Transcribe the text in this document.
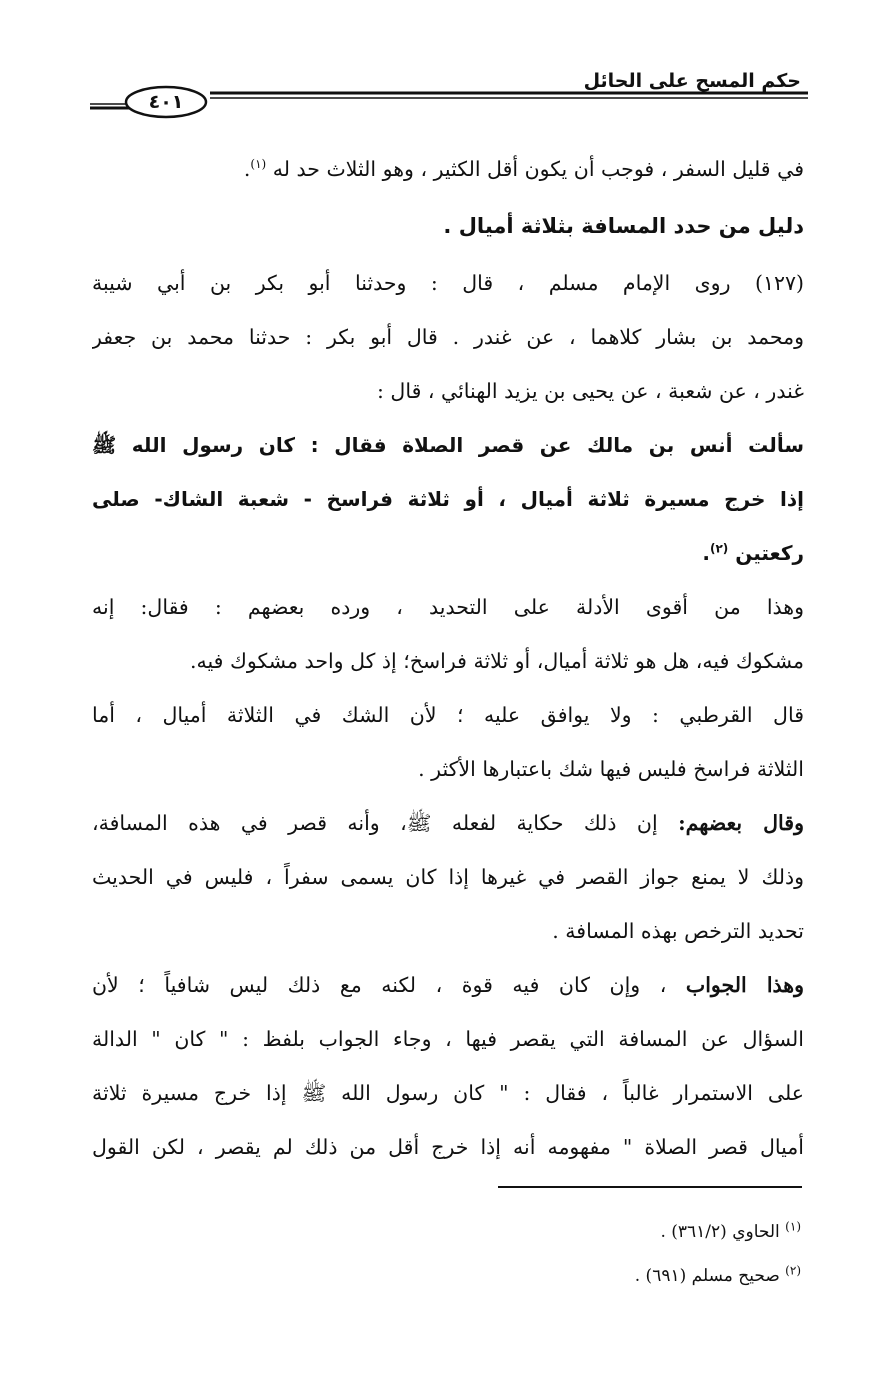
حكم المسح على الحائل
٤٠١
في قليل السفر ، فوجب أن يكون أقل الكثير ، وهو الثلاث حد له $^{(١)}$.
دليل من حدد المسافة بثلاثة أميال .
(١٢٧) روى الإمام مسلم ، قال : وحدثنا أبو بكر بن أبي شيبة
ومحمد بن بشار كلاهما ، عن غندر . قال أبو بكر : حدثنا محمد بن جعفر
غندر ، عن شعبة ، عن يحيى بن يزيد الهنائي ، قال :
سألت أنس بن مالك عن قصر الصلاة فقال : كان رسول الله ﷺ
إذا خرج مسيرة ثلاثة أميال ، أو ثلاثة فراسخ - شعبة الشاك- صلى
ركعتين $^{(٢)}$.
وهذا من أقوى الأدلة على التحديد ، ورده بعضهم : فقال: إنه
مشكوك فيه، هل هو ثلاثة أميال، أو ثلاثة فراسخ؛ إذ كل واحد مشكوك فيه.
قال القرطبي : ولا يوافق عليه ؛ لأن الشك في الثلاثة أميال ، أما
الثلاثة فراسخ فليس فيها شك باعتبارها الأكثر .
وقال بعضهم: إن ذلك حكاية لفعله ﷺ، وأنه قصر في هذه المسافة،
وذلك لا يمنع جواز القصر في غيرها إذا كان يسمى سفراً ، فليس في الحديث
تحديد الترخص بهذه المسافة .
وهذا الجواب ، وإن كان فيه قوة ، لكنه مع ذلك ليس شافياً ؛ لأن
السؤال عن المسافة التي يقصر فيها ، وجاء الجواب بلفظ : " كان " الدالة
على الاستمرار غالباً ، فقال : " كان رسول الله ﷺ إذا خرج مسيرة ثلاثة
أميال قصر الصلاة " مفهومه أنه إذا خرج أقل من ذلك لم يقصر ، لكن القول
$^{(١)}$ الحاوي (٣٦١/٢) .
$^{(٢)}$ صحيح مسلم (٦٩١) .
